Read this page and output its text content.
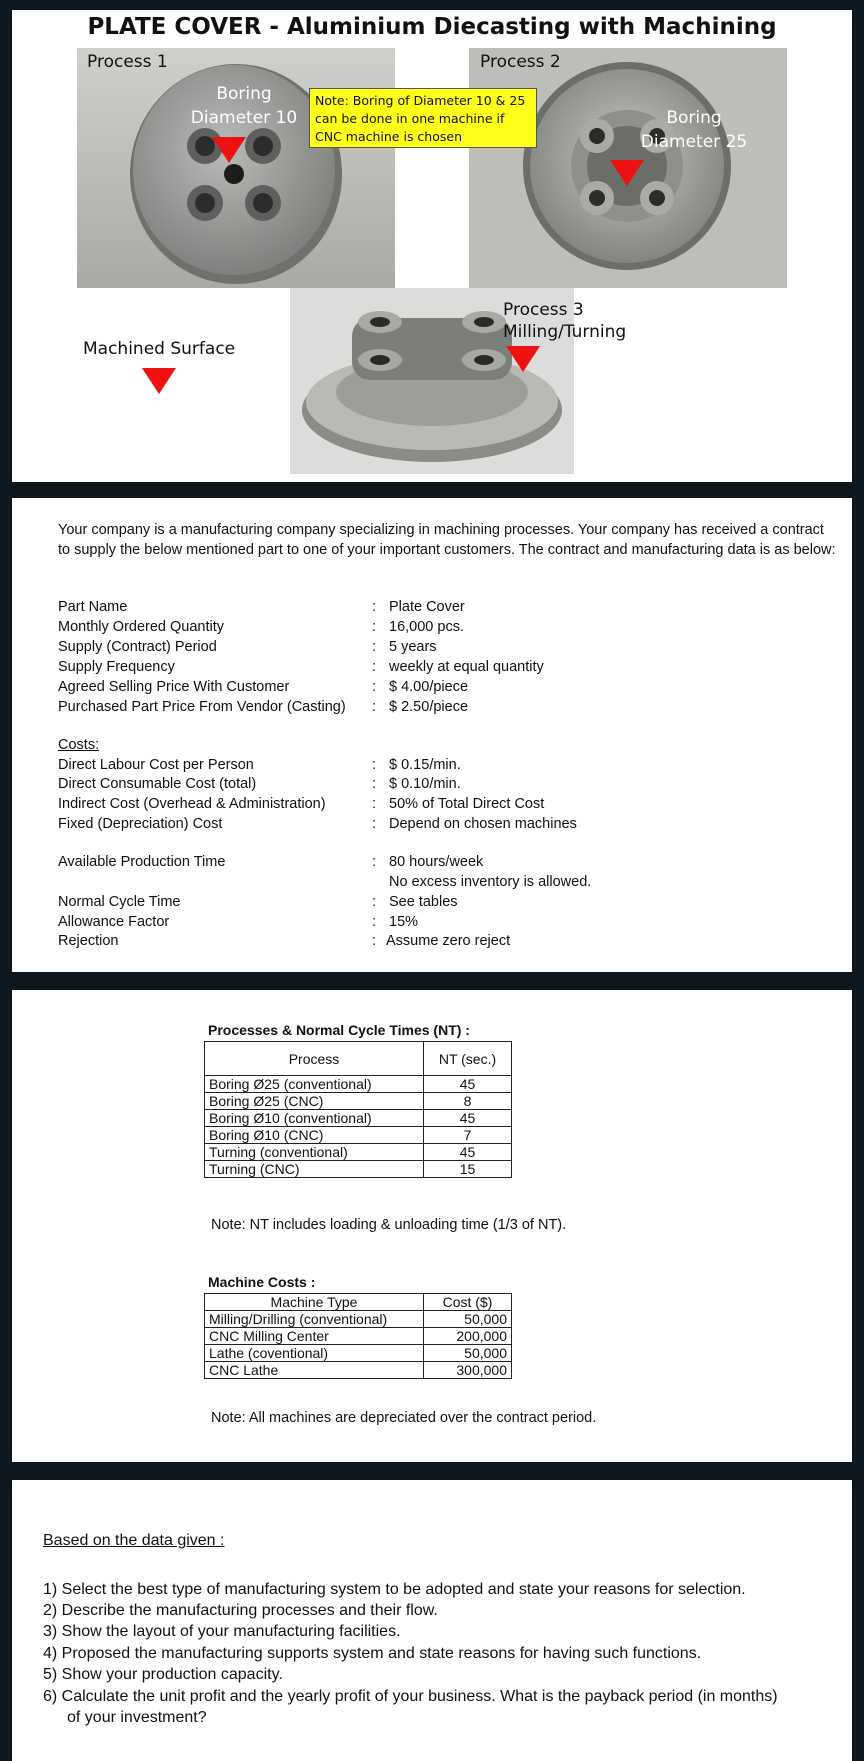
PLATE COVER - Aluminium Diecasting with Machining
Process 1	Process 2
Boring
Diameter 10
Note: Boring of Diameter 10 & 25 can be done in one machine if CNC machine is chosen
Boring
Diameter 25
Process 3
Milling/Turning
Machined Surface
Your company is a manufacturing company specializing in machining processes. Your company has received a contract to supply the below mentioned part to one of your important customers. The contract and manufacturing data is as below:
Part Name	: Plate Cover
Monthly Ordered Quantity	: 16,000 pcs.
Supply (Contract) Period	: 5 years
Supply Frequency	: weekly at equal quantity
Agreed Selling Price With Customer	: $ 4.00/piece
Purchased Part Price From Vendor (Casting) : $ 2.50/piece
Costs:
Direct Labour Cost per Person	: $ 0.15/min.
Direct Consumable Cost (total)	: $ 0.10/min.
Indirect Cost (Overhead & Administration)	: 50% of Total Direct Cost
Fixed (Depreciation) Cost	: Depend on chosen machines
Available Production Time	: 80 hours/week
No excess inventory is allowed.
Normal Cycle Time	: See tables
Allowance Factor	: 15%
Rejection	: Assume zero reject
Processes & Normal Cycle Times (NT) :
Process	NT (sec.)
Boring Ø25 (conventional)	45
Boring Ø25 (CNC)	8
Boring Ø10 (conventional)	45
Boring Ø10 (CNC)	7
Turning (conventional)	45
Turning (CNC)	15
Note: NT includes loading & unloading time (1/3 of NT).
Machine Costs :
Machine Type	Cost ($)
Milling/Drilling (conventional)	50,000
CNC Milling Center	200,000
Lathe (coventional)	50,000
CNC Lathe	300,000
Note: All machines are depreciated over the contract period.
Based on the data given :
1) Select the best type of manufacturing system to be adopted and state your reasons for selection.
2) Describe the manufacturing processes and their flow.
3) Show the layout of your manufacturing facilities.
4) Proposed the manufacturing supports system and state reasons for having such functions.
5) Show your production capacity.
6) Calculate the unit profit and the yearly profit of your business. What is the payback period (in months)
of your investment?
